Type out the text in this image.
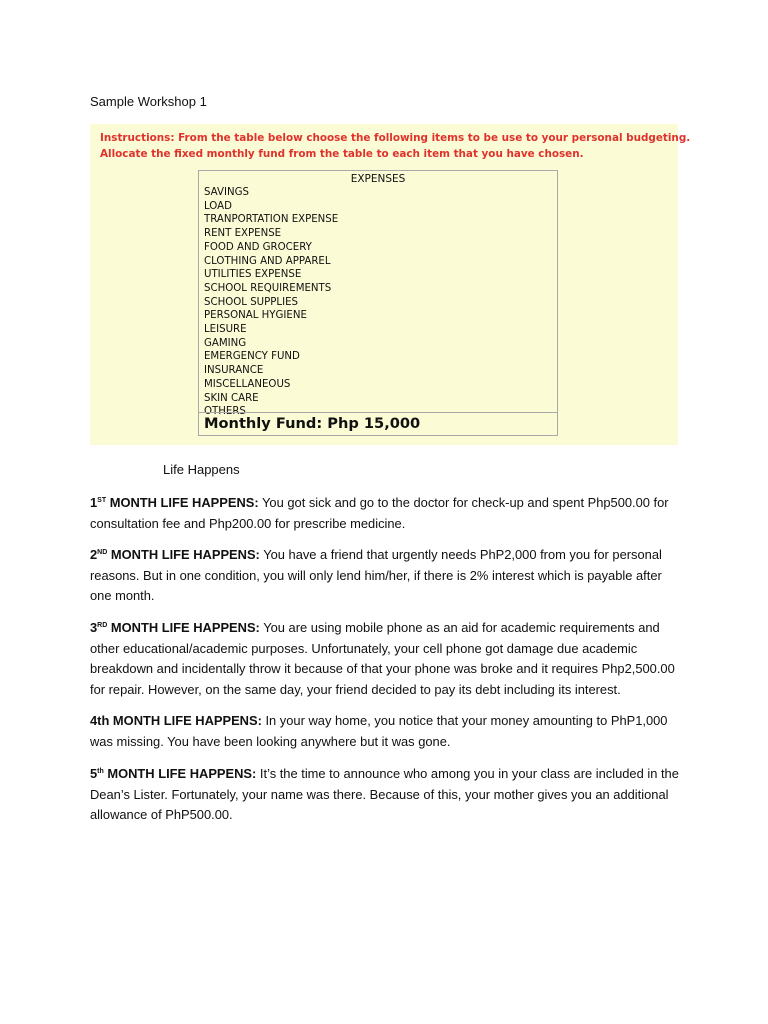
Sample Workshop 1
Instructions: From the table below choose the following items to be use to your personal budgeting.
Allocate the fixed monthly fund from the table to each item that you have chosen.
EXPENSES
SAVINGS
LOAD
TRANPORTATION EXPENSE
RENT EXPENSE
FOOD AND GROCERY
CLOTHING AND APPAREL
UTILITIES EXPENSE
SCHOOL REQUIREMENTS
SCHOOL SUPPLIES
PERSONAL HYGIENE
LEISURE
GAMING
EMERGENCY FUND
INSURANCE
MISCELLANEOUS
SKIN CARE
OTHERS
Monthly Fund: Php 15,000
Life Happens

1ST MONTH LIFE HAPPENS: You got sick and go to the doctor for check-up and spent Php500.00 for consultation fee and Php200.00 for prescribe medicine.

2ND MONTH LIFE HAPPENS: You have a friend that urgently needs PhP2,000 from you for personal reasons. But in one condition, you will only lend him/her, if there is 2% interest which is payable after one month.

3RD MONTH LIFE HAPPENS: You are using mobile phone as an aid for academic requirements and other educational/academic purposes. Unfortunately, your cell phone got damage due academic breakdown and incidentally throw it because of that your phone was broke and it requires Php2,500.00 for repair. However, on the same day, your friend decided to pay its debt including its interest.

4th MONTH LIFE HAPPENS: In your way home, you notice that your money amounting to PhP1,000 was missing. You have been looking anywhere but it was gone.

5th MONTH LIFE HAPPENS: It’s the time to announce who among you in your class are included in the Dean’s Lister. Fortunately, your name was there. Because of this, your mother gives you an additional allowance of PhP500.00.
